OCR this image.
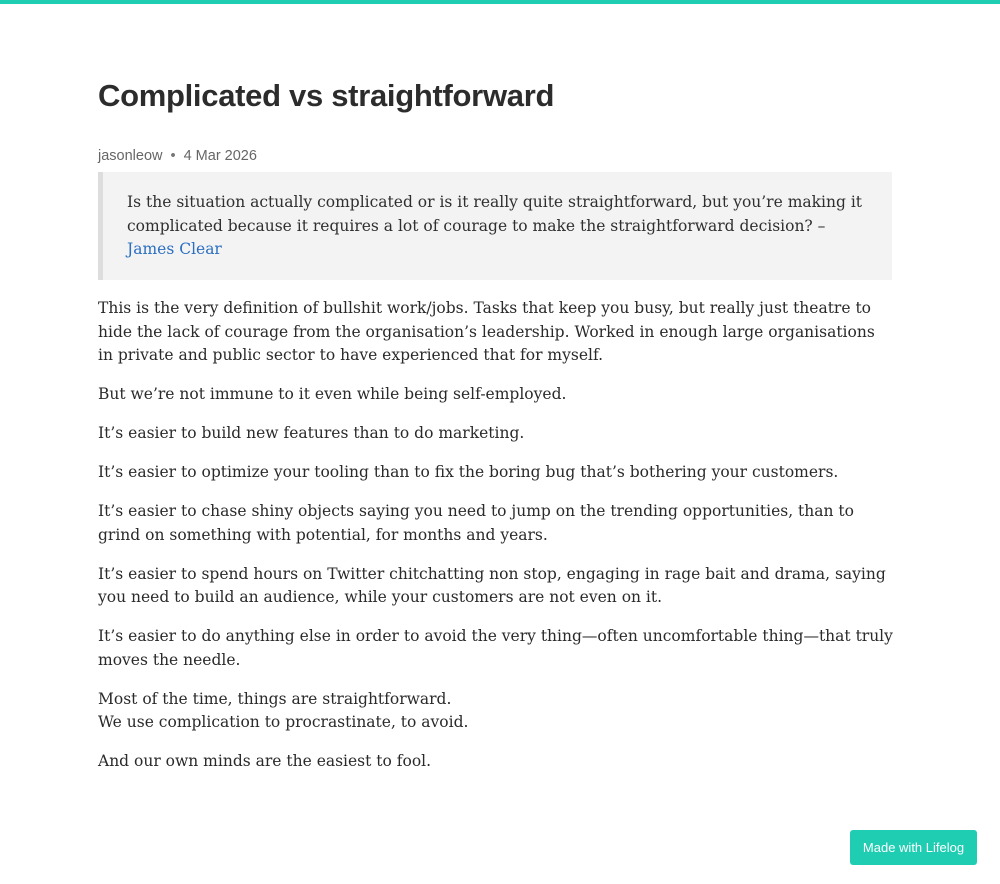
Complicated vs straightforward
jasonleow • 4 Mar 2026
Is the situation actually complicated or is it really quite straightforward, but you’re making it complicated because it requires a lot of courage to make the straightforward decision? – James Clear

This is the very definition of bullshit work/jobs. Tasks that keep you busy, but really just theatre to hide the lack of courage from the organisation’s leadership. Worked in enough large organisations in private and public sector to have experienced that for myself.

But we’re not immune to it even while being self-employed.

It’s easier to build new features than to do marketing.

It’s easier to optimize your tooling than to fix the boring bug that’s bothering your customers.

It’s easier to chase shiny objects saying you need to jump on the trending opportunities, than to grind on something with potential, for months and years.

It’s easier to spend hours on Twitter chitchatting non stop, engaging in rage bait and drama, saying you need to build an audience, while your customers are not even on it.

It’s easier to do anything else in order to avoid the very thing—often uncomfortable thing—that truly moves the needle.

Most of the time, things are straightforward.
We use complication to procrastinate, to avoid.

And our own minds are the easiest to fool.

Made with Lifelog
